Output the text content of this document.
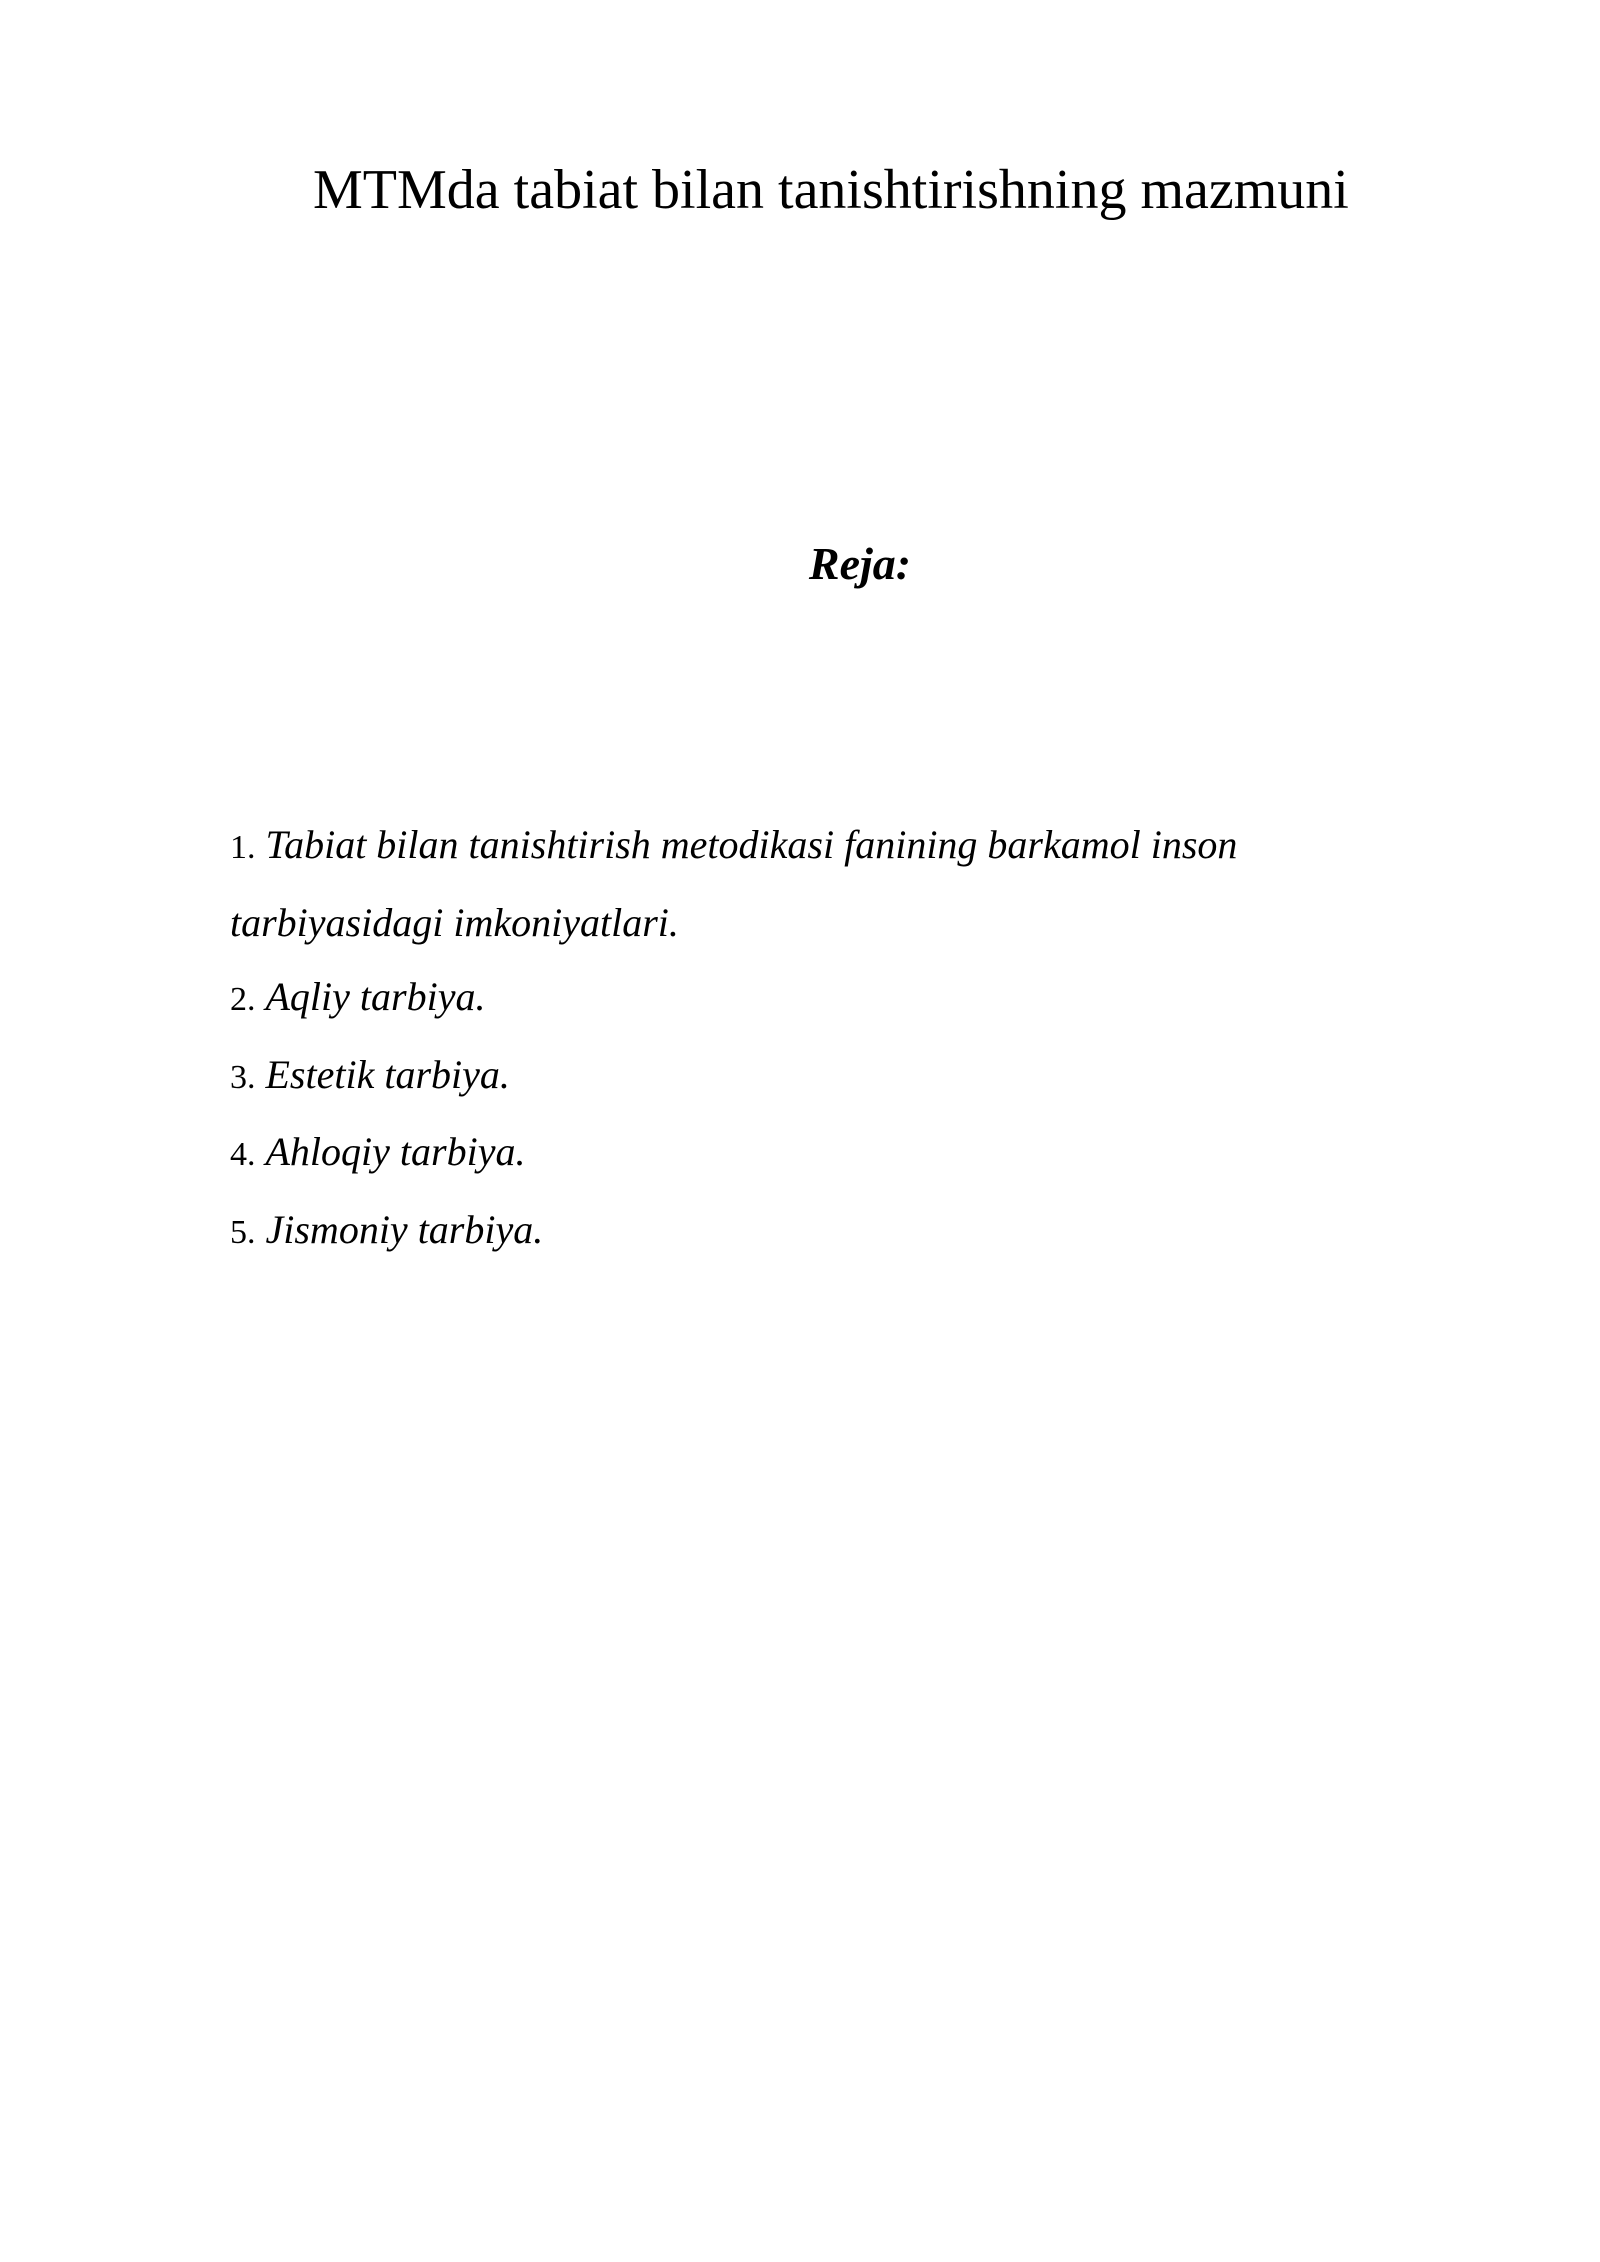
MTMda tabiat bilan tanishtirishning mazmuni
Reja:
1. Tabiat bilan tanishtirish metodikasi fanining barkamol inson tarbiyasidagi imkoniyatlari.
2. Aqliy tarbiya.
3. Estetik tarbiya.
4. Ahloqiy tarbiya.
5. Jismoniy tarbiya.
